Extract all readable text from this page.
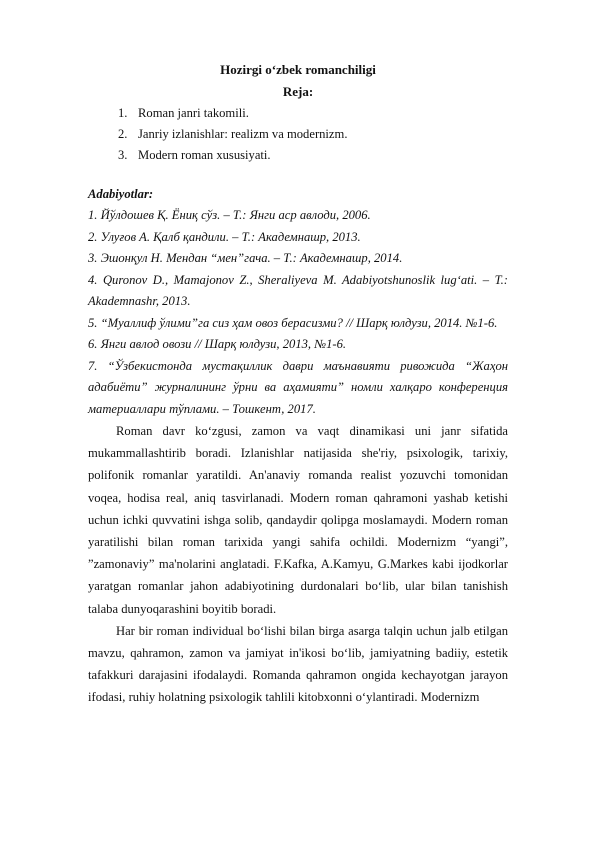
Hozirgi o‘zbek romanchiligi
Reja:
1. Roman janri takomili.
2. Janriy izlanishlar: realizm va modernizm.
3. Modern roman xususiyati.
Adabiyotlar:
1. Йўлдошев Қ. Ёниқ сўз. – Т.: Янги аср авлоди, 2006.
2. Улуғов А. Қалб қандили. – Т.: Академнашр, 2013.
3. Эшонқул Н. Мендан “мен”гача. – Т.: Академнашр, 2014.
4. Quronov D., Mamajonov Z., Sheraliyeva M. Adabiyotshunoslik lug‘ati. – T.: Akademnashr, 2013.
5. “Муаллиф ўлими”га сиз ҳам овоз берасизми? // Шарқ юлдузи, 2014. №1-6.
6. Янги авлод овози // Шарқ юлдузи, 2013, №1-6.
7. “Ўзбекистонда мустақиллик даври маънавияти ривожида “Жаҳон адабиёти” журналининг ўрни ва аҳамияти” номли халқаро конференция материаллари тўплами. – Тошкент, 2017.

Roman davr ko‘zgusi, zamon va vaqt dinamikasi uni janr sifatida mukammallashtirib boradi. Izlanishlar natijasida she'riy, psixologik, tarixiy, polifonik romanlar yaratildi. An'anaviy romanda realist yozuvchi tomonidan voqea, hodisa real, aniq tasvirlanadi. Modern roman qahramoni yashab ketishi uchun ichki quvvatini ishga solib, qandaydir qolipga moslamaydi. Modern roman yaratilishi bilan roman tarixida yangi sahifa ochildi. Modernizm “yangi”, ”zamonaviy” ma'nolarini anglatadi. F.Kafka, A.Kamyu, G.Markes kabi ijodkorlar yaratgan romanlar jahon adabiyotining durdonalari bo‘lib, ular bilan tanishish talaba dunyoqarashini boyitib boradi.

Har bir roman individual bo‘lishi bilan birga asarga talqin uchun jalb etilgan mavzu, qahramon, zamon va jamiyat in'ikosi bo‘lib, jamiyatning badiiy, estetik tafakkuri darajasini ifodalaydi. Romanda qahramon ongida kechayotgan jarayon ifodasi, ruhiy holatning psixologik tahlili kitobxonni o‘ylantiradi. Modernizm
